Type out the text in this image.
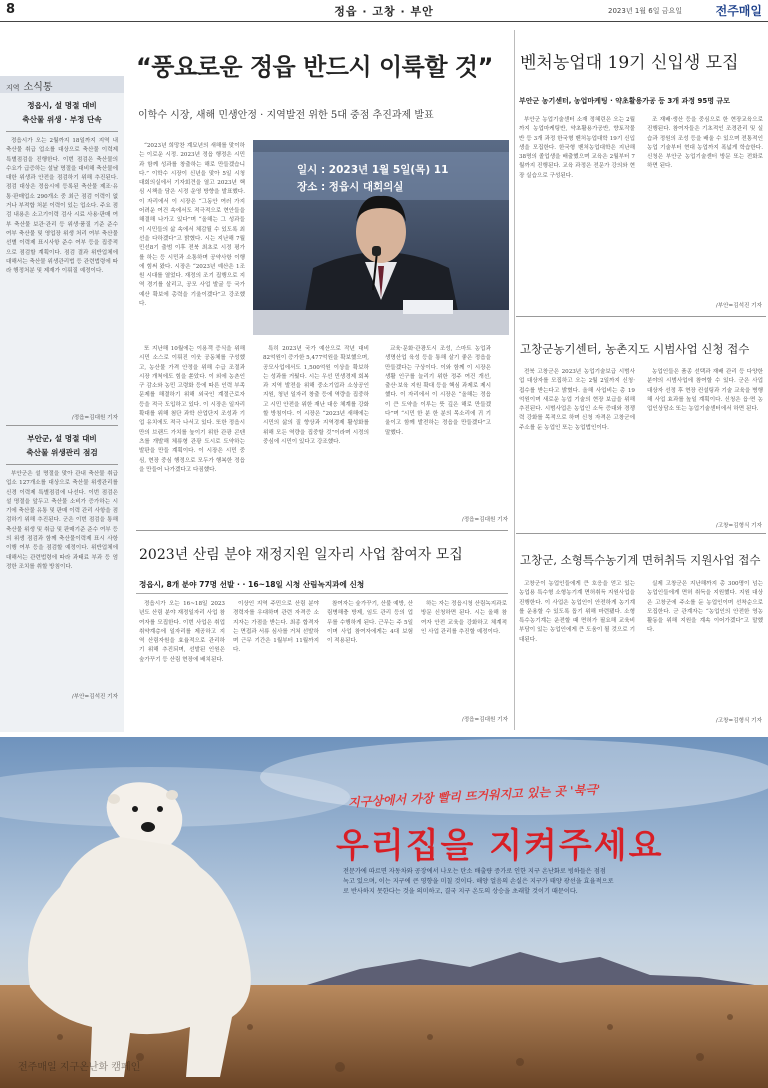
8	정읍 · 고창 · 부안	2023년 1월 6일 금요일	전주매일
지역 소식통
정읍시, 설 명절 대비
축산물 위생 · 부정 단속

정읍시가 오는 2월까지 18일까지 지역 내 축산물 취급 업소를 대상으로 축산물 이력제 특별점검을 진행한다. 이번 점검은 축산물의 수요가 급증하는 설날 명절을 대비해 축산물에 대한 위생과 안전을 점검하기 위해 추진된다. 점검 대상은 정읍시에 등록된 축산물 제조·유통·판매업소 290개소 중 최근 점검 이력이 없거나 부적합 처분 이력이 있는 업소다. 주요 점검 내용은 소고기이력 검사 시료 사용·판매 여부 축산물 보관·관리 등 위생·품질 기준 준수 여부 축산물 및 영업장 위생 처리 여부 축산물 선별 이력제 표시사항 준수 여부 등을 집중적으로 점검할 계획이다. 점검 결과 위반업체에 대해서는 축산물 위생관리법 등 관련법령에 따라 행정처분 및 제재가 이뤄질 예정이다.

/정읍=김대원 기자
부안군, 설 명절 대비
축산물 위생관리 점검

부안군은 설 명절을 맞아 관내 축산물 취급업소 127개소를 대상으로 축산물 위생관리를 신경 이력제 특별점검에 나선다. 이번 점검은 설 명절을 앞두고 축산물 소비가 증가하는 시기에 축산물 유통 및 판매 이력 관리 사항을 점검하기 위해 추진된다. 군은 이번 점검을 통해 축산물 위생 및 취급 및 판매기준 준수 여부 등의 위생 점검과 함께 축산물이력제 표시 사항 이행 여부 등을 점검할 예정이다. 위반업체에 대해서는 관련법령에 따라 과태료 부과 등 엄정한 조치를 취할 방침이다.

/부안=김석진 기자
“풍요로운 정읍 반드시 이룩할 것”
이학수 시장, 새해 민생안정 · 지역발전 위한 5대 중점 추진과제 발표
일시 : 2023년 1월 5일(목) 11
장소 : 정읍시 대회의실

“2023년 희망찬 계묘년의 새해를 맞이하는 이로운 시정. 2023년 정읍 행정은 시민과 함께 성과를 창출하는 해로 만들겠습니다.” 이학수 시장이 신년을 맞아 5일 시청 대회의실에서 기자회견을 열고 2023년 핵심 시책을 담은 시정 운영 방향을 발표했다. 이 자리에서 이 시장은 “그동안 여러 가지 어려운 여건 속에서도 적극적으로 현안들을 해결해 나가고 있다”며 “올해는 그 성과들이 시민들의 삶 속에서 체감될 수 있도록 최선을 다하겠다”고 밝혔다. 시는 지난해 7월 민선8기 출범 이후 전북 최초로 시정 평가를 하는 등 시민과 소통하며 공약사항 이행에 힘써 왔다. 시장은 “2023년 예산은 1조원 시대를 열었다. 재정의 조기 집행으로 지역 경기를 살리고, 공모 사업 발굴 등 국가예산 확보에 총력을 기울이겠다”고 강조했다.

또 지난해 10월에는 이용객 증식을 위해 시민 소스로 이뤄진 이웃 공동체를 구성했고, 농산물 가격 안정을 위해 수급 조절과 시장 개척에도 힘을 쏟았다. 이 외에 농촌인구 감소와 농민 고령화 등에 따른 인력 부족 문제를 해결하기 위해 외국인 계절근로자 등을 적극 도입하고 있다. 이 시장은 일자리 확대를 위해 첨단 과학 산업단지 조성과 기업 유치에도 적극 나서고 있다. 또한 정읍시만의 브랜드 가치를 높이기 위한 관광 콘텐츠를 개발해 체류형 관광 도시로 도약하는 발판을 만들 계획이다. 이 시장은 시민 중심, 현장 중심 행정으로 모두가 행복한 정읍을 만들어 나가겠다고 다짐했다.

특히 2023년 국가 예산으로 작년 대비 82억원이 증가한 5,477억원을 확보했으며, 공모사업에서도 1,500억원 이상을 확보하는 성과를 거뒀다. 시는 우선 민생경제 회복과 지역 발전을 위해 중소기업과 소상공인 지원, 청년 일자리 창출 등에 역량을 집중하고 시민 안전을 위한 재난 대응 체계를 강화할 방침이다. 이 시장은 “2023년 새해에는 시민의 삶의 질 향상과 지역경제 활성화를 위해 모든 역량을 집중할 것”이라며 시정의 중심에 시민이 있다고 강조했다.

교육·문화·관광도시 조성, 스마트 농업과 생명산업 육성 등을 통해 살기 좋은 정읍을 만들겠다는 구상이다. 이와 함께 이 시장은 생활 인구를 늘리기 위한 정주 여건 개선, 출산·보육 지원 확대 등을 핵심 과제로 제시했다. 이 자리에서 이 시장은 “올해는 정읍이 큰 도약을 이루는 뜻 깊은 해로 만들겠다”며 “시민 한 분 한 분의 목소리에 귀 기울이고 함께 발전하는 정읍을 만들겠다”고 말했다.

/정읍=김대원 기자
2023년 산림 분야 재정지원 일자리 사업 참여자 모집
정읍시, 8개 분야 77명 선발 · · 16~18일 시청 산림녹지과에 신청

정읍시가 오는 16~18일 2023년도 산림 분야 재정일자리 사업 참여자를 모집한다. 이번 사업은 취업취약계층에 일자리를 제공하고 지역 산림자원을 효율적으로 관리하기 위해 추진되며, 선발된 인원은 숲가꾸기 등 산림 현장에 배치된다.

이상인 지역 주민으로 산림 분야 경력자를 우대하며 관련 자격증 소지자는 가점을 받는다. 최종 합격자는 면접과 서류 심사를 거쳐 선발하며 근무 기간은 1월부터 11월까지다.

참여자는 숲가꾸기, 산불 예방, 산림병해충 방제, 임도 관리 등의 업무를 수행하게 된다. 근무는 주 5일이며 사업 참여자에게는 4대 보험이 적용된다.

하는 자는 정읍시청 산림녹지과로 방문 신청하면 된다. 시는 올해 참여자 안전 교육을 강화하고 체계적인 사업 관리를 추진할 예정이다.

/정읍=김대원 기자
벤처농업대 19기 신입생 모집
부안군 농기센터, 농업마케팅 · 약초활용가공 등 3개 과정 95명 규모

부안군 농업기술센터 소재 정혜린은 오는 2월까지 농업마케팅반, 약초활용가공반, 향토작물반 등 3개 과정 한국형 벤처농업대학 19기 신입생을 모집한다. 한국형 벤처농업대학은 지난해 38명의 졸업생을 배출했으며 교육은 2월부터 7월까지 진행된다. 교육 과정은 전문가 강의와 현장 실습으로 구성된다.

조 재배·생산 등을 중심으로 한 현장교육으로 진행된다. 참여자들은 기초적인 조경관리 및 실습과 정원의 조성 등을 배울 수 있으며 전통적인 농업 기술부터 현대 농업까지 폭넓게 학습한다. 신청은 부안군 농업기술센터 방문 또는 전화로 하면 된다.

/부안=김석진 기자
고창군농기센터, 농촌지도 시범사업 신청 접수

전북 고창군은 2023년 농업기술보급 시범사업 대상자를 모집하고 오는 2월 2일까지 신청·접수를 받는다고 밝혔다. 올해 사업비는 총 19억원이며 새로운 농업 기술의 현장 보급을 위해 추진된다. 시범사업은 농업인 소득 증대와 경쟁력 강화를 목적으로 하며 신청 자격은 고창군에 주소를 둔 농업인 또는 농업법인이다.

농업인들은 품종 선택과 재배 관리 등 다양한 분야의 시범사업에 참여할 수 있다. 군은 사업 대상자 선정 후 현장 컨설팅과 기술 교육을 병행해 사업 효과를 높일 계획이다. 신청은 읍·면 농업인상담소 또는 농업기술센터에서 하면 된다.

/고창=김형식 기자
고창군, 소형특수농기계 면허취득 지원사업 접수

고창군이 농업인들에게 큰 호응을 얻고 있는 농업용 특수형 소형농기계 면허취득 지원사업을 진행한다. 이 사업은 농업인이 안전하게 농기계를 운용할 수 있도록 돕기 위해 마련됐다. 소형 특수농기계는 운전할 때 면허가 필요해 교육비 부담이 있는 농업인에게 큰 도움이 될 것으로 기대된다.

실제 고창군은 지난해까지 총 300명이 넘는 농업인들에게 면허 취득을 지원했다. 지원 대상은 고창군에 주소를 둔 농업인이며 선착순으로 모집한다. 군 관계자는 “농업인의 안전한 영농 활동을 위해 지원을 계속 이어가겠다”고 말했다.

/고창=김형식 기자
지구상에서 가장 빨리 뜨거워지고 있는 곳 '북극'
우리집을 지켜주세요
전문가에 따르면 자동차와 공장에서 나오는 탄소 배출량 증가로 인한 지구 온난화로 빙하들은 점점
녹고 있으며, 이는 지구에 큰 영향을 미칠 것이다. 해양 얼음의 손실은 지구가 태양 광선을 효율적으로
로 반사하지 못한다는 것을 의미하고, 결국 지구 온도의 상승을 초래할 것이기 때문이다.
전주매일 지구온난화 캠페인
